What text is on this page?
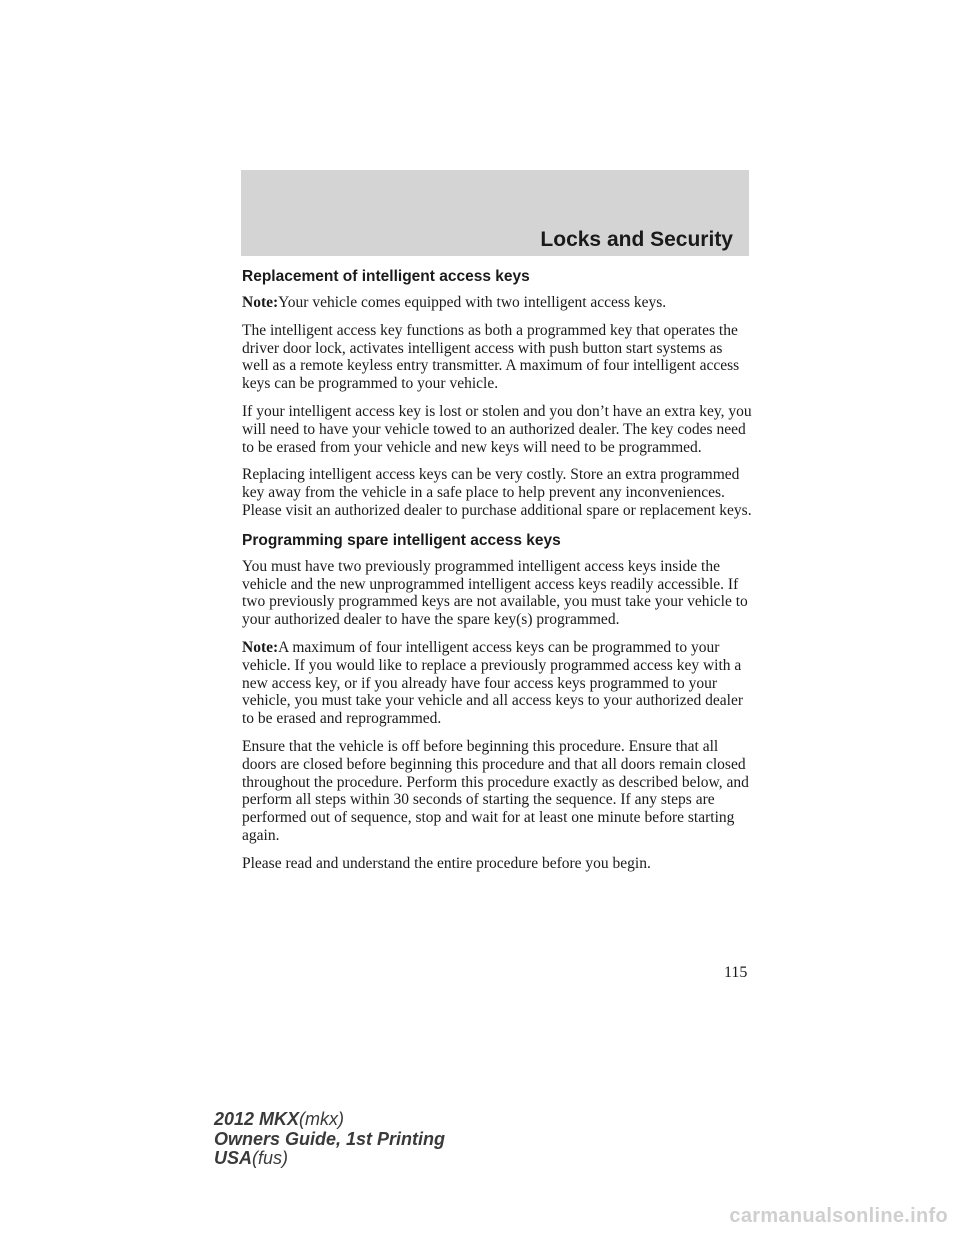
Locks and Security
Replacement of intelligent access keys

Note:Your vehicle comes equipped with two intelligent access keys.

The intelligent access key functions as both a programmed key that operates the driver door lock, activates intelligent access with push button start systems as well as a remote keyless entry transmitter. A maximum of four intelligent access keys can be programmed to your vehicle.

If your intelligent access key is lost or stolen and you don’t have an extra key, you will need to have your vehicle towed to an authorized dealer. The key codes need to be erased from your vehicle and new keys will need to be programmed.

Replacing intelligent access keys can be very costly. Store an extra programmed key away from the vehicle in a safe place to help prevent any inconveniences. Please visit an authorized dealer to purchase additional spare or replacement keys.

Programming spare intelligent access keys

You must have two previously programmed intelligent access keys inside the vehicle and the new unprogrammed intelligent access keys readily accessible. If two previously programmed keys are not available, you must take your vehicle to your authorized dealer to have the spare key(s) programmed.

Note:A maximum of four intelligent access keys can be programmed to your vehicle. If you would like to replace a previously programmed access key with a new access key, or if you already have four access keys programmed to your vehicle, you must take your vehicle and all access keys to your authorized dealer to be erased and reprogrammed.

Ensure that the vehicle is off before beginning this procedure. Ensure that all doors are closed before beginning this procedure and that all doors remain closed throughout the procedure. Perform this procedure exactly as described below, and perform all steps within 30 seconds of starting the sequence. If any steps are performed out of sequence, stop and wait for at least one minute before starting again.

Please read and understand the entire procedure before you begin.

115

2012 MKX(mkx)
Owners Guide, 1st Printing
USA(fus)
carmanualsonline.info
